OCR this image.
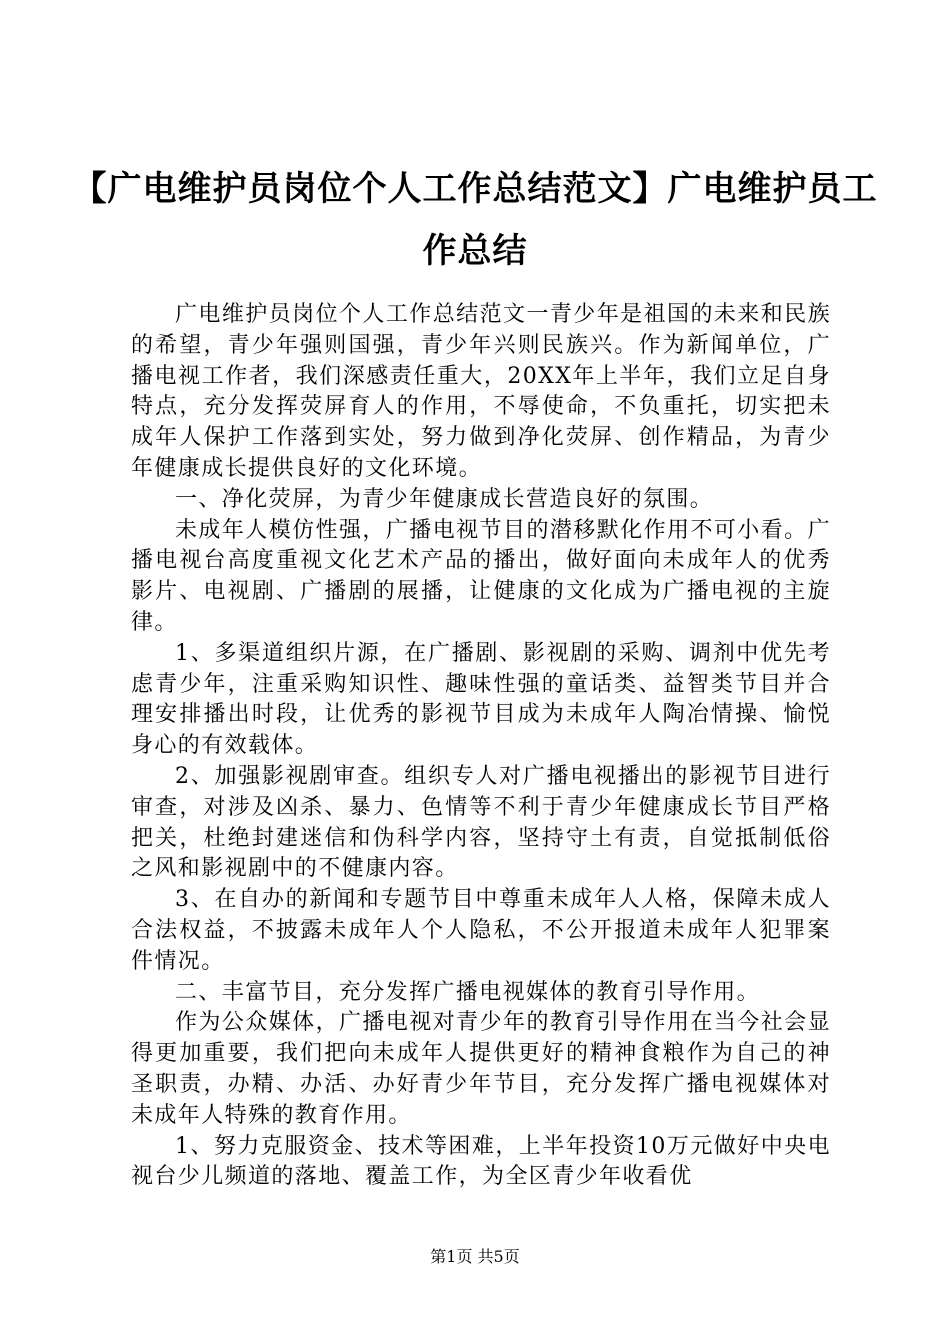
【广电维护员岗位个人工作总结范文】广电维护员工作总结

广电维护员岗位个人工作总结范文一青少年是祖国的未来和民族的希望，青少年强则国强，青少年兴则民族兴。作为新闻单位，广播电视工作者，我们深感责任重大，20XX年上半年，我们立足自身特点，充分发挥荧屏育人的作用，不辱使命，不负重托，切实把未成年人保护工作落到实处，努力做到净化荧屏、创作精品，为青少年健康成长提供良好的文化环境。

一、净化荧屏，为青少年健康成长营造良好的氛围。

未成年人模仿性强，广播电视节目的潜移默化作用不可小看。广播电视台高度重视文化艺术产品的播出，做好面向未成年人的优秀影片、电视剧、广播剧的展播，让健康的文化成为广播电视的主旋律。

1、多渠道组织片源，在广播剧、影视剧的采购、调剂中优先考虑青少年，注重采购知识性、趣味性强的童话类、益智类节目并合理安排播出时段，让优秀的影视节目成为未成年人陶冶情操、愉悦身心的有效载体。

2、加强影视剧审查。组织专人对广播电视播出的影视节目进行审查，对涉及凶杀、暴力、色情等不利于青少年健康成长节目严格把关，杜绝封建迷信和伪科学内容，坚持守土有责，自觉抵制低俗之风和影视剧中的不健康内容。

3、在自办的新闻和专题节目中尊重未成年人人格，保障未成人合法权益，不披露未成年人个人隐私，不公开报道未成年人犯罪案件情况。

二、丰富节目，充分发挥广播电视媒体的教育引导作用。

作为公众媒体，广播电视对青少年的教育引导作用在当今社会显得更加重要，我们把向未成年人提供更好的精神食粮作为自己的神圣职责，办精、办活、办好青少年节目，充分发挥广播电视媒体对未成年人特殊的教育作用。

1、努力克服资金、技术等困难，上半年投资10万元做好中央电视台少儿频道的落地、覆盖工作，为全区青少年收看优

第1页 共5页
